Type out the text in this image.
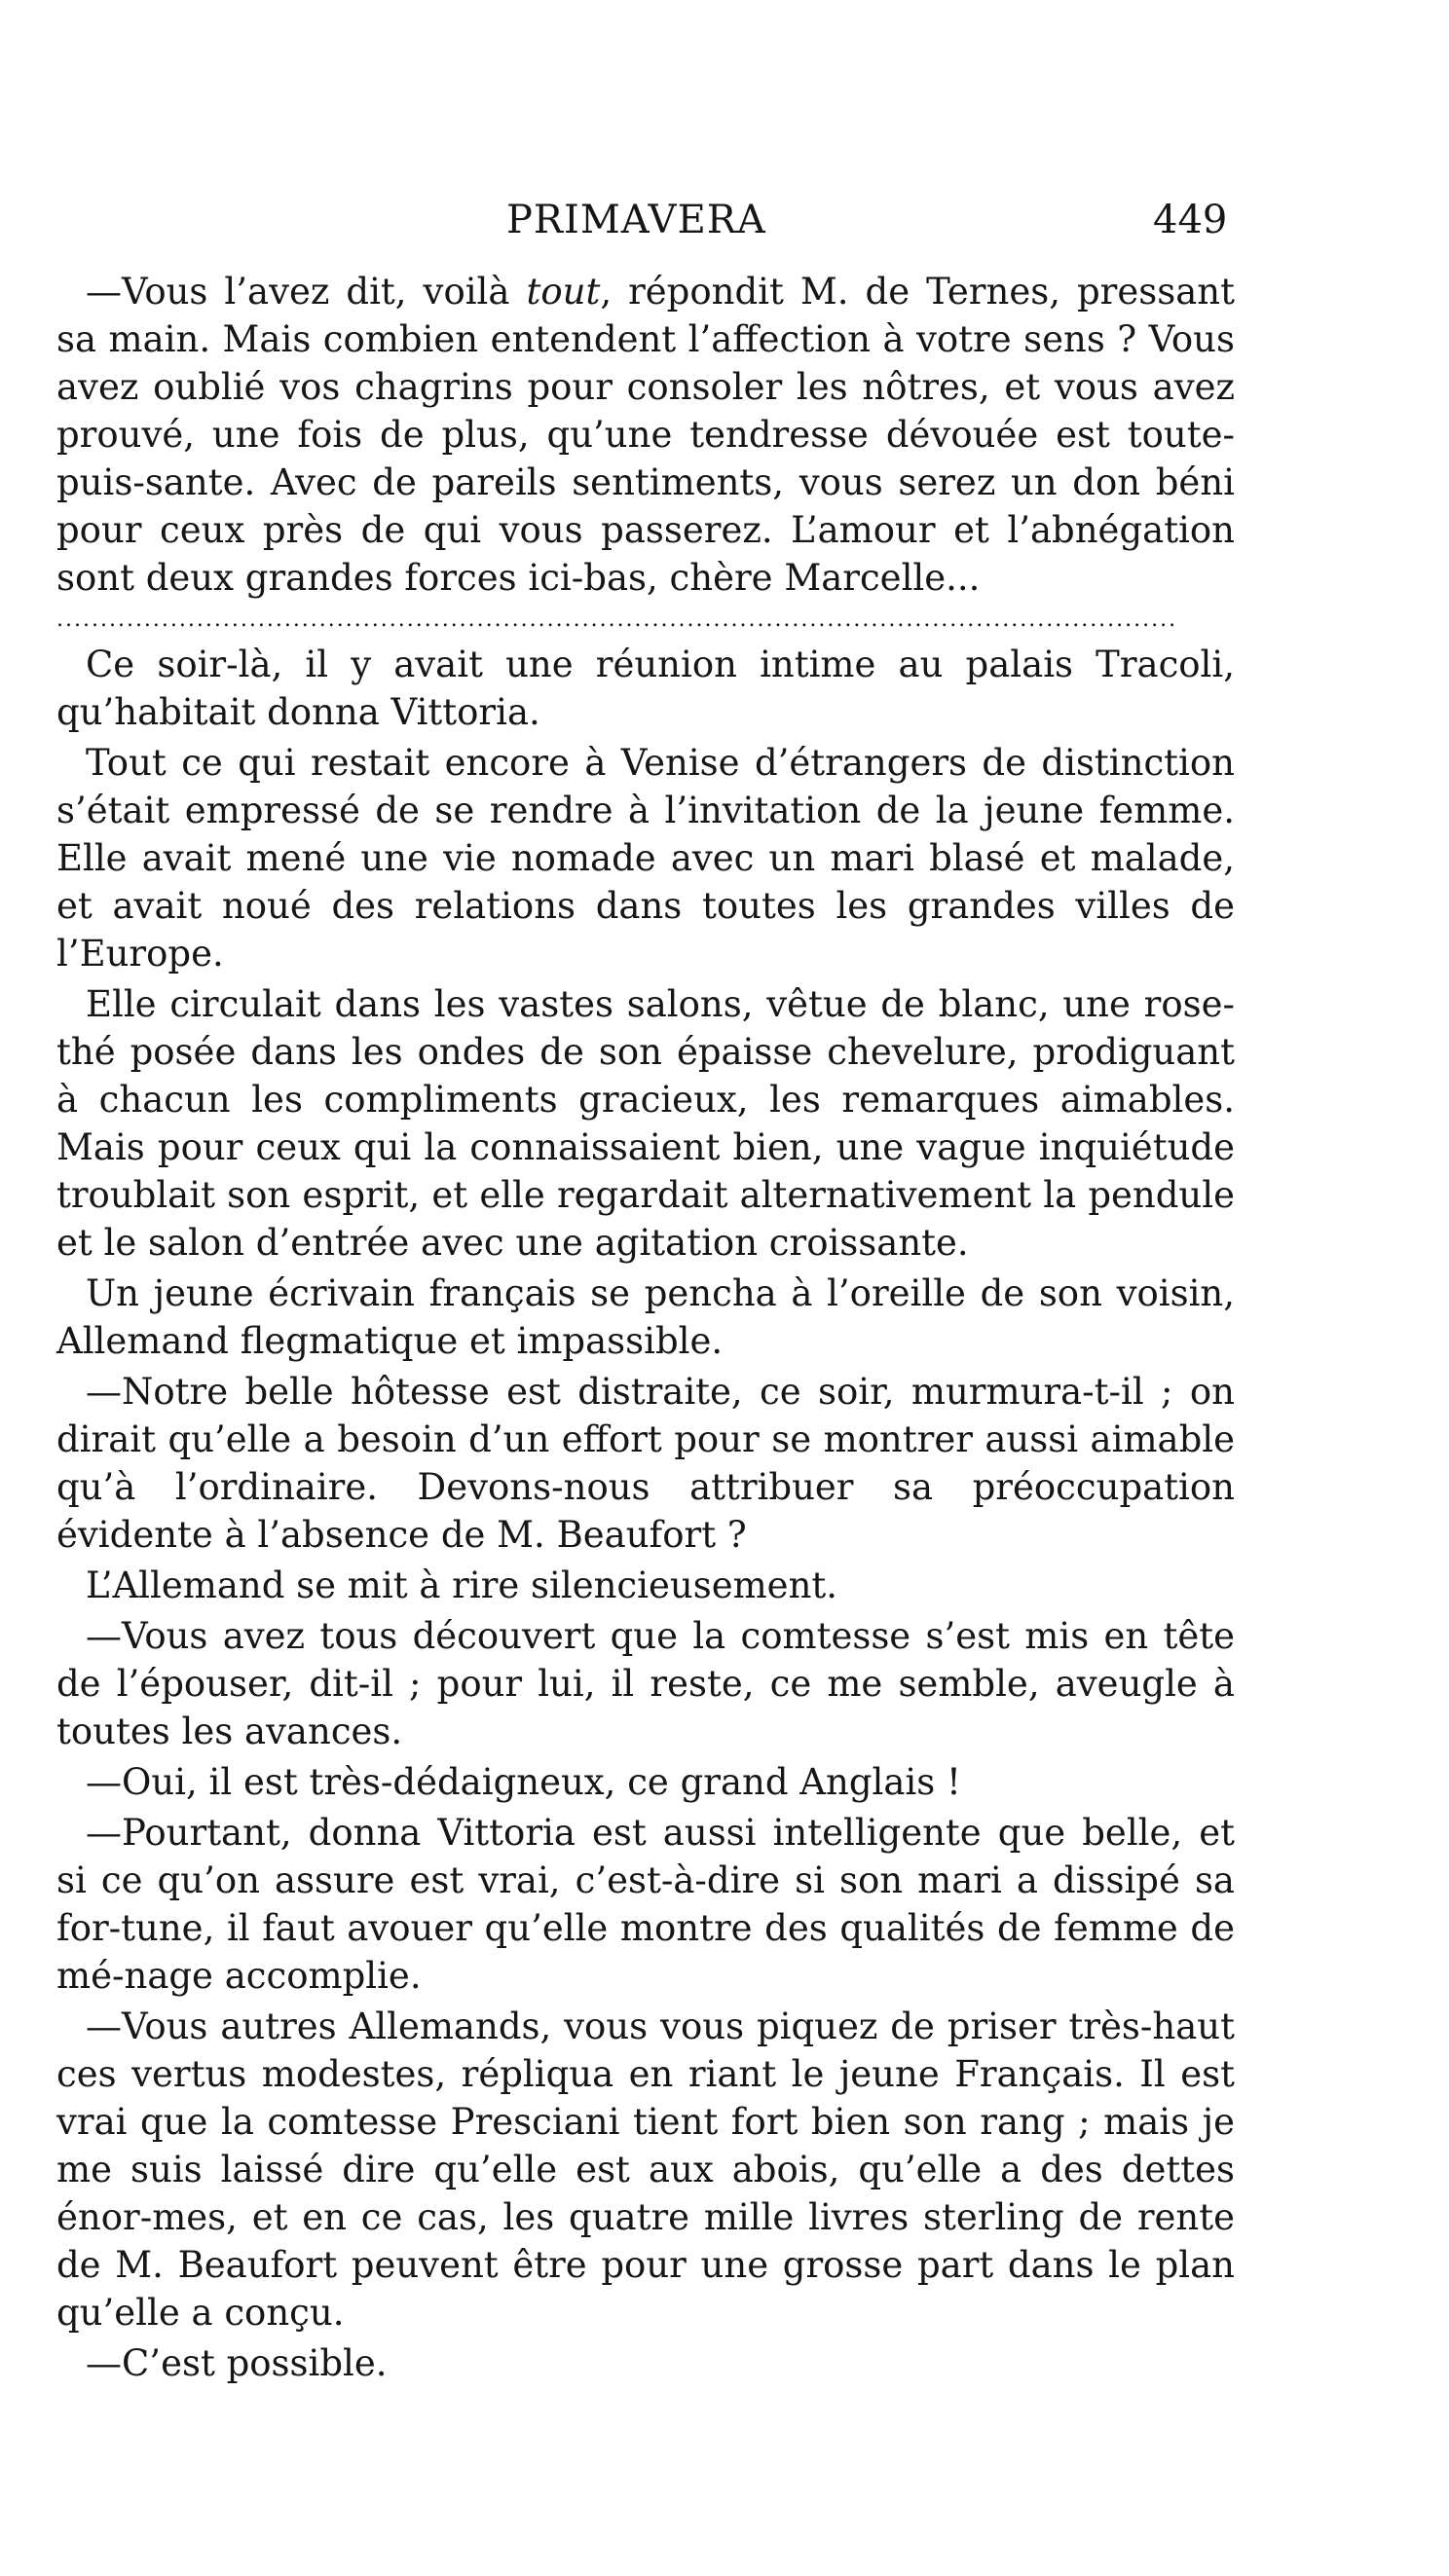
PRIMAVERA	449

—Vous l’avez dit, voilà tout, répondit M. de Ternes, pressant sa main. Mais combien entendent l’affection à votre sens ? Vous avez oublié vos chagrins pour consoler les nôtres, et vous avez prouvé, une fois de plus, qu’une tendresse dévouée est toute-puis-sante. Avec de pareils sentiments, vous serez un don béni pour ceux près de qui vous passerez. L’amour et l’abnégation sont deux grandes forces ici-bas, chère Marcelle...

................................................................................................................................

Ce soir-là, il y avait une réunion intime au palais Tracoli, qu’habitait donna Vittoria.

Tout ce qui restait encore à Venise d’étrangers de distinction s’était empressé de se rendre à l’invitation de la jeune femme. Elle avait mené une vie nomade avec un mari blasé et malade, et avait noué des relations dans toutes les grandes villes de l’Europe.

Elle circulait dans les vastes salons, vêtue de blanc, une rose-thé posée dans les ondes de son épaisse chevelure, prodiguant à chacun les compliments gracieux, les remarques aimables. Mais pour ceux qui la connaissaient bien, une vague inquiétude troublait son esprit, et elle regardait alternativement la pendule et le salon d’entrée avec une agitation croissante.

Un jeune écrivain français se pencha à l’oreille de son voisin, Allemand flegmatique et impassible.

—Notre belle hôtesse est distraite, ce soir, murmura-t-il ; on dirait qu’elle a besoin d’un effort pour se montrer aussi aimable qu’à l’ordinaire. Devons-nous attribuer sa préoccupation évidente à l’absence de M. Beaufort ?

L’Allemand se mit à rire silencieusement.

—Vous avez tous découvert que la comtesse s’est mis en tête de l’épouser, dit-il ; pour lui, il reste, ce me semble, aveugle à toutes les avances.

—Oui, il est très-dédaigneux, ce grand Anglais !

—Pourtant, donna Vittoria est aussi intelligente que belle, et si ce qu’on assure est vrai, c’est-à-dire si son mari a dissipé sa for-tune, il faut avouer qu’elle montre des qualités de femme de mé-nage accomplie.

—Vous autres Allemands, vous vous piquez de priser très-haut ces vertus modestes, répliqua en riant le jeune Français. Il est vrai que la comtesse Presciani tient fort bien son rang ; mais je me suis laissé dire qu’elle est aux abois, qu’elle a des dettes énor-mes, et en ce cas, les quatre mille livres sterling de rente de M. Beaufort peuvent être pour une grosse part dans le plan qu’elle a conçu.

—C’est possible.
